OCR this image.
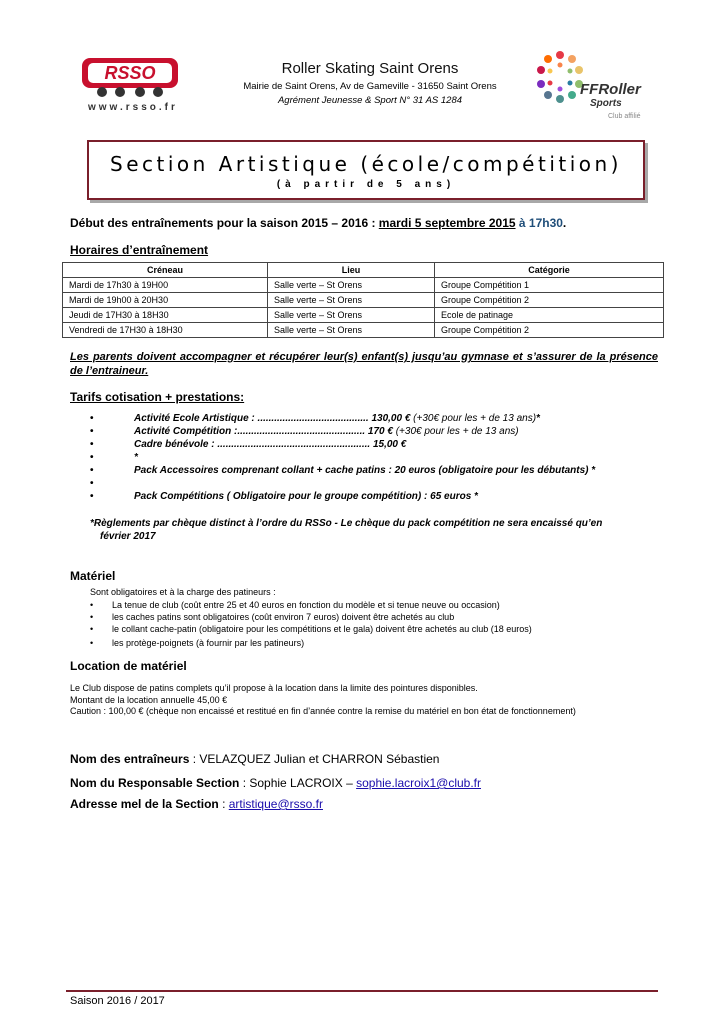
RSSO
www.rsso.fr
Roller Skating Saint Orens
Mairie de Saint Orens, Av de Gameville - 31650 Saint Orens
Agrément Jeunesse & Sport N° 31 AS 1284
FFRoller
Sports
Club affilié
Section Artistique (école/compétition)
(à partir de 5 ans)
Début des entraînements pour la saison 2015 – 2016 : mardi 5 septembre 2015 à 17h30.
Horaires d’entraînement
Créneau	Lieu	Catégorie
Mardi de 17h30 à 19H00	Salle verte – St Orens	Groupe Compétition 1
Mardi de 19h00 à 20H30	Salle verte – St Orens	Groupe Compétition 2
Jeudi de 17H30 à 18H30	Salle verte – St Orens	Ecole de patinage
Vendredi de 17H30 à 18H30	Salle verte – St Orens	Groupe Compétition 2
Les parents doivent accompagner et récupérer leur(s) enfant(s) jusqu’au gymnase et s’assurer de la présence de l’entraineur.
Tarifs cotisation + prestations:
•	Activité Ecole Artistique : ........................................ 130,00 € (+30€ pour les + de 13 ans)*
•	Activité Compétition :.............................................. 170 € (+30€ pour les + de 13 ans)
•	Cadre bénévole : ....................................................... 15,00 €
•	*
•	Pack Accessoires comprenant collant + cache patins : 20 euros (obligatoire pour les débutants) *
•
•	Pack Compétitions ( Obligatoire pour le groupe compétition) : 65 euros *
*Règlements par chèque distinct à l’ordre du RSSo - Le chèque du pack compétition ne sera encaissé qu’en
février 2017
Matériel
Sont obligatoires et à la charge des patineurs :
• La tenue de club (coût entre 25 et 40 euros en fonction du modèle et si tenue neuve ou occasion)
• les caches patins sont obligatoires (coût environ 7 euros) doivent être achetés au club
• le collant cache-patin (obligatoire pour les compétitions et le gala) doivent être achetés au club (18 euros)
• les protège-poignets (à fournir par les patineurs)
Location de matériel
Le Club dispose de patins complets qu’il propose à la location dans la limite des pointures disponibles.
Montant de la location annuelle 45,00 €
Caution : 100,00 € (chèque non encaissé et restitué en fin d’année contre la remise du matériel en bon état de fonctionnement)
Nom des entraîneurs : VELAZQUEZ Julian et CHARRON Sébastien
Nom du Responsable Section : Sophie LACROIX – sophie.lacroix1@club.fr
Adresse mel de la Section : artistique@rsso.fr
Saison 2016 / 2017
